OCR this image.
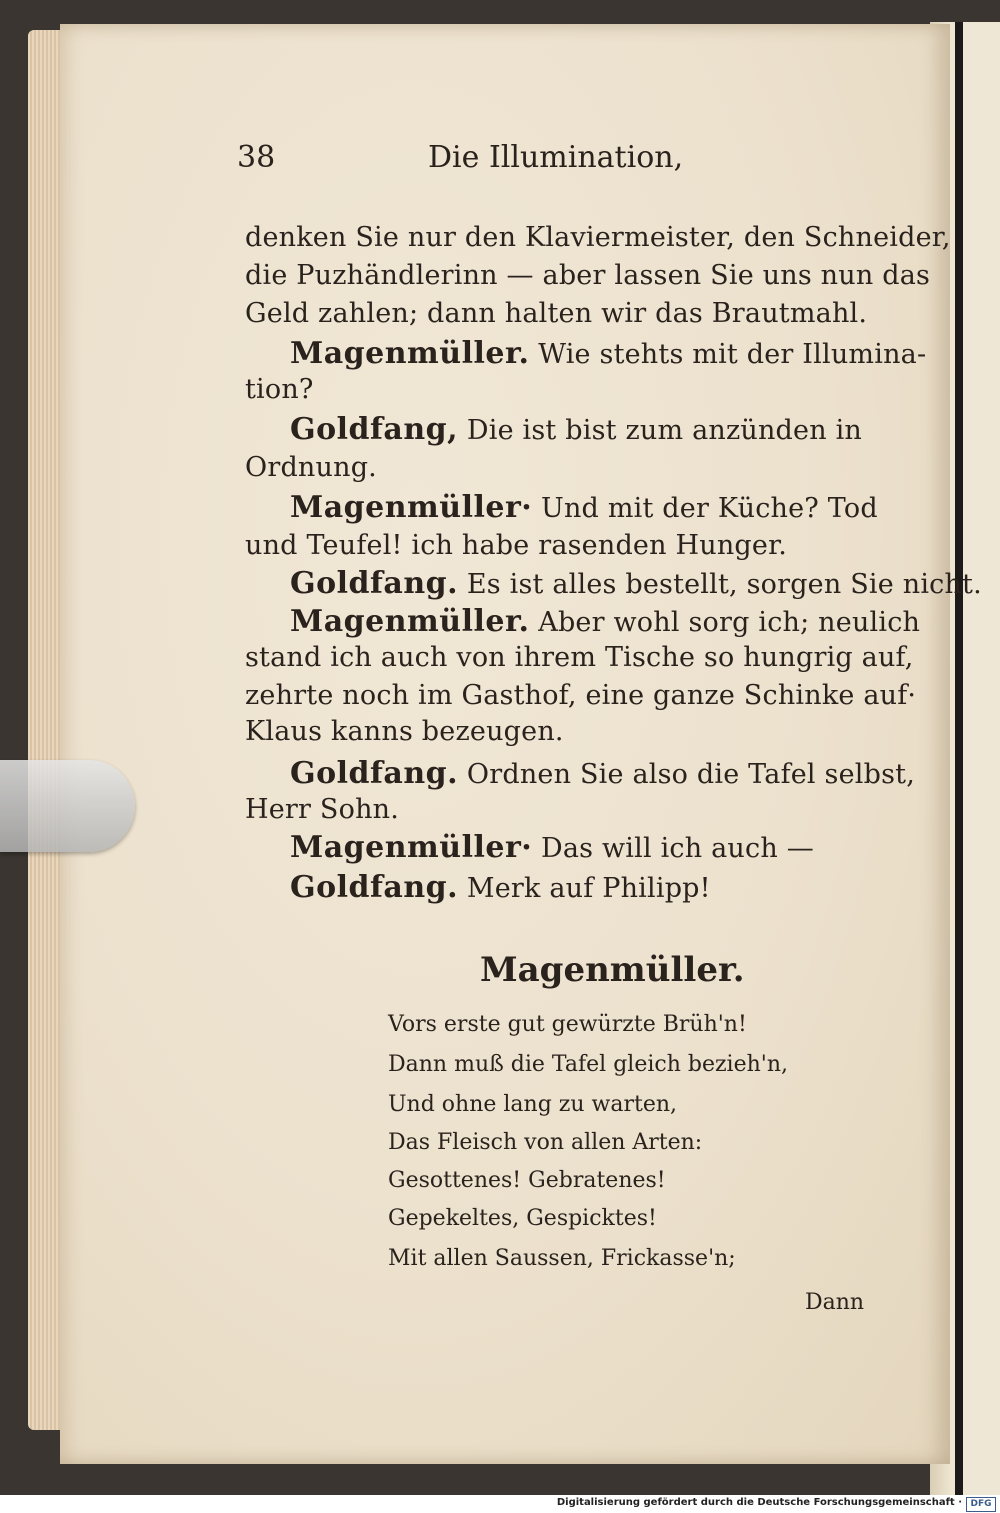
38	Die Illumination,
denken Sie nur den Klaviermeister, den Schneider,
die Puzhändlerinn — aber lassen Sie uns nun das
Geld zahlen; dann halten wir das Brautmahl.
Magenmüller. Wie stehts mit der Illumina-
tion?
Goldfang, Die ist bist zum anzünden in
Ordnung.
Magenmüller· Und mit der Küche? Tod
und Teufel! ich habe rasenden Hunger.
Goldfang. Es ist alles bestellt, sorgen Sie nicht.
Magenmüller. Aber wohl sorg ich; neulich
stand ich auch von ihrem Tische so hungrig auf,
zehrte noch im Gasthof, eine ganze Schinke auf·
Klaus kanns bezeugen.
Goldfang. Ordnen Sie also die Tafel selbst,
Herr Sohn.
Magenmüller· Das will ich auch —
Goldfang. Merk auf Philipp!
Magenmüller.
Vors erste gut gewürzte Brüh'n!
Dann muß die Tafel gleich bezieh'n,
Und ohne lang zu warten,
Das Fleisch von allen Arten:
Gesottenes! Gebratenes!
Gepekeltes, Gespicktes!
Mit allen Saussen, Frickasse'n;
Dann
Digitalisierung gefördert durch die Deutsche Forschungsgemeinschaft · DFG
